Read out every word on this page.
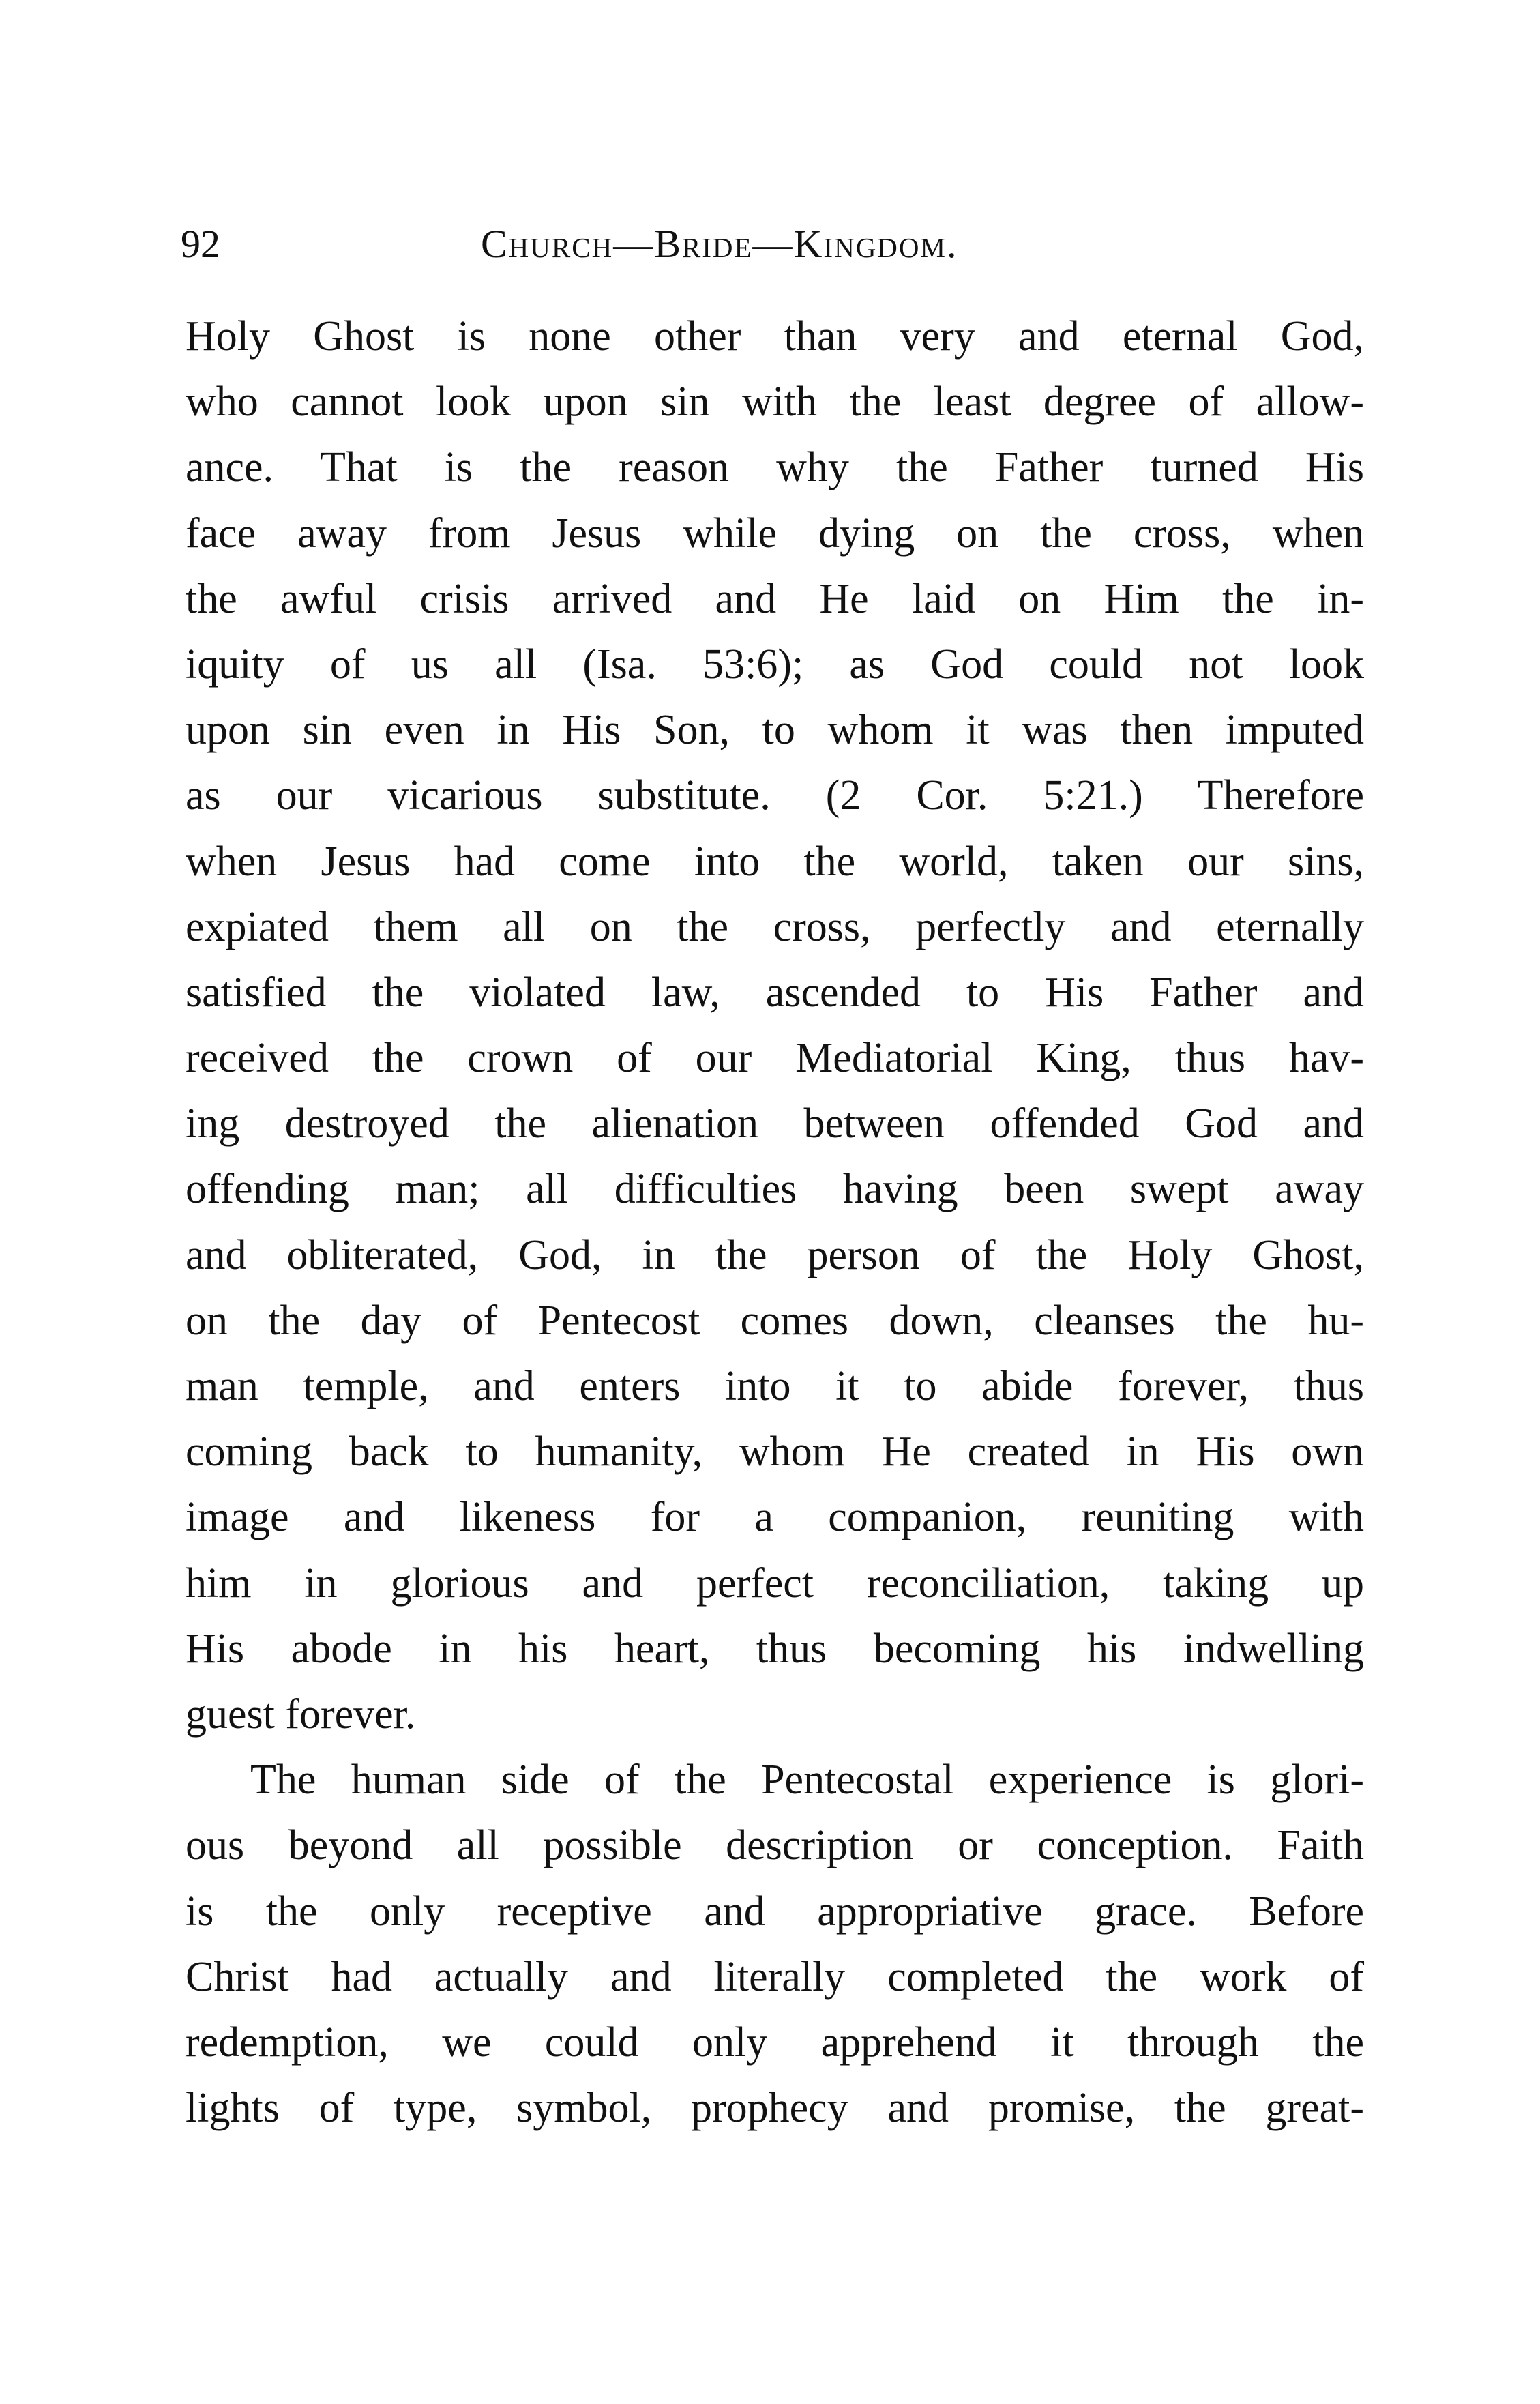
92	Church—Bride—Kingdom.
Holy Ghost is none other than very and eternal God,
who cannot look upon sin with the least degree of allow-
ance. That is the reason why the Father turned His
face away from Jesus while dying on the cross, when
the awful crisis arrived and He laid on Him the in-
iquity of us all (Isa. 53:6); as God could not look
upon sin even in His Son, to whom it was then imputed
as our vicarious substitute. (2 Cor. 5:21.) Therefore
when Jesus had come into the world, taken our sins,
expiated them all on the cross, perfectly and eternally
satisfied the violated law, ascended to His Father and
received the crown of our Mediatorial King, thus hav-
ing destroyed the alienation between offended God and
offending man; all difficulties having been swept away
and obliterated, God, in the person of the Holy Ghost,
on the day of Pentecost comes down, cleanses the hu-
man temple, and enters into it to abide forever, thus
coming back to humanity, whom He created in His own
image and likeness for a companion, reuniting with
him in glorious and perfect reconciliation, taking up
His abode in his heart, thus becoming his indwelling
guest forever.
The human side of the Pentecostal experience is glori-
ous beyond all possible description or conception. Faith
is the only receptive and appropriative grace. Before
Christ had actually and literally completed the work of
redemption, we could only apprehend it through the
lights of type, symbol, prophecy and promise, the great-
